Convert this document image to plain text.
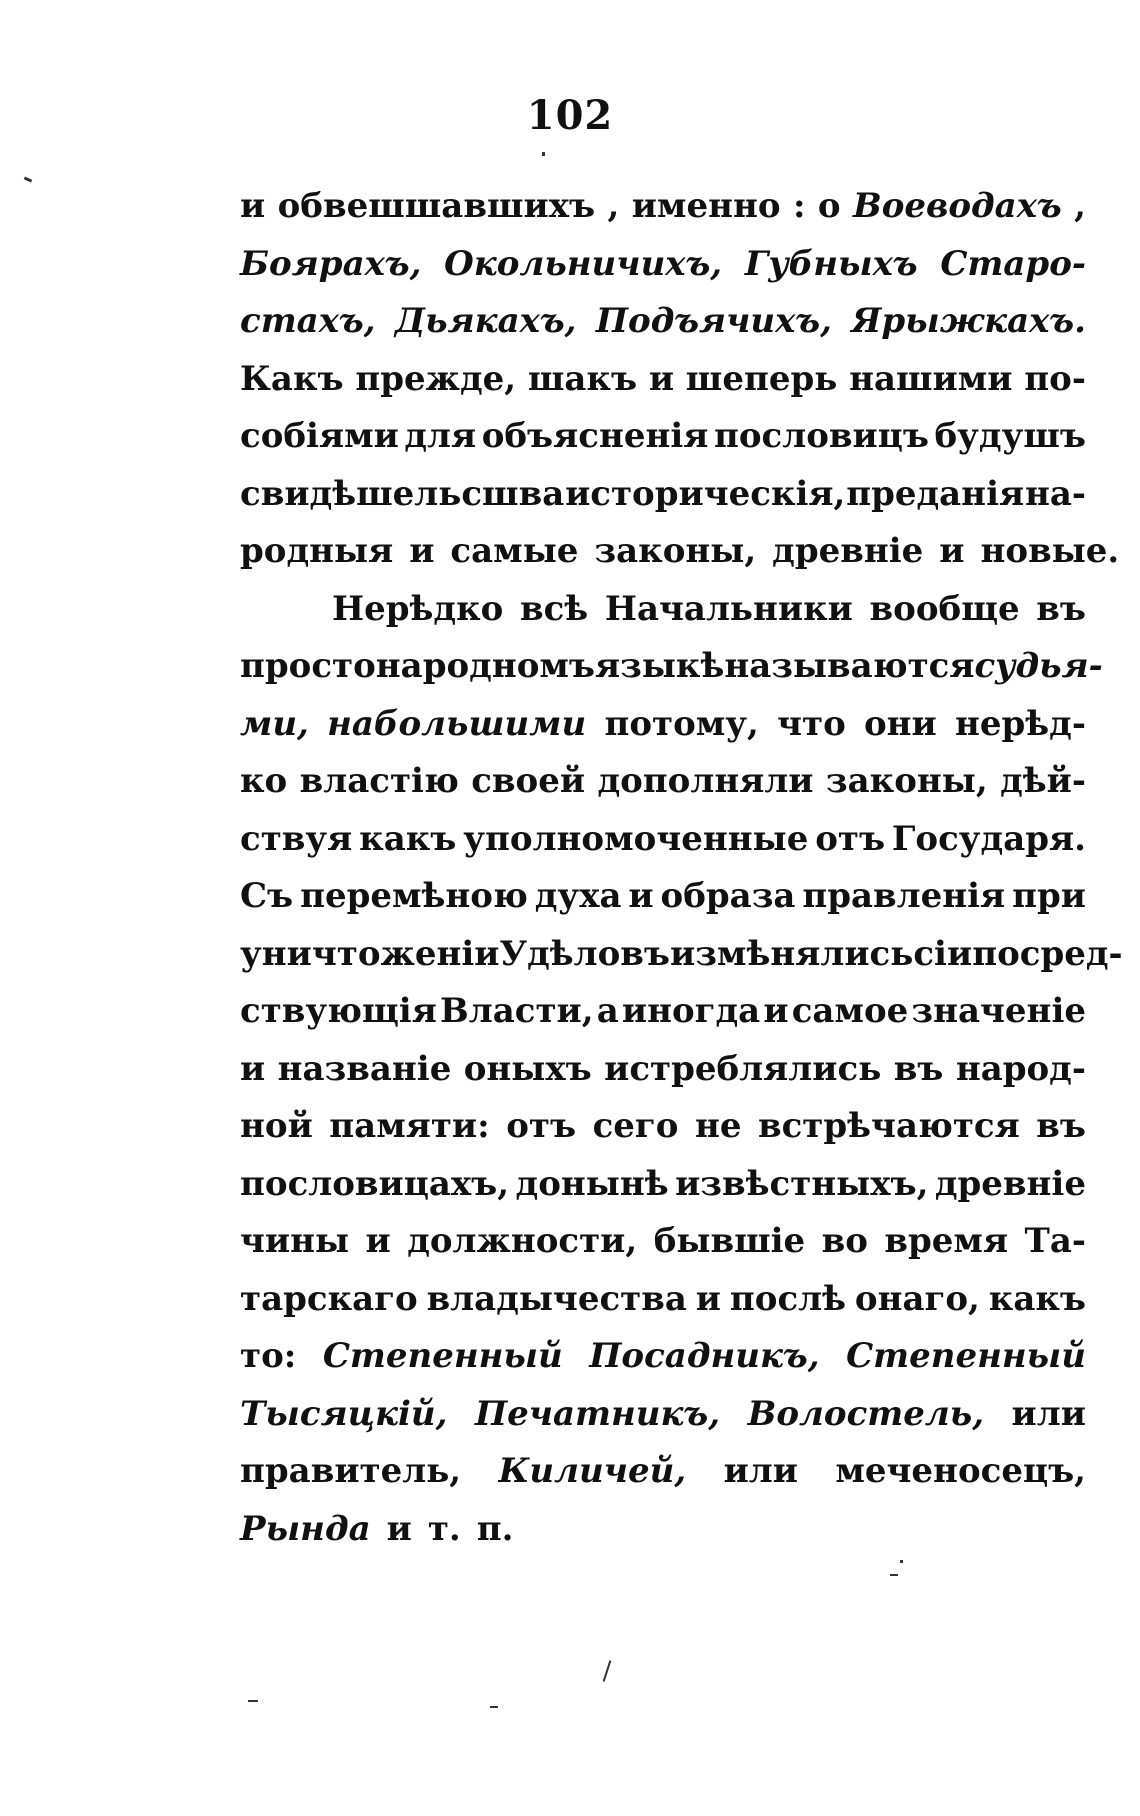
102
и обвешшавшихъ , именно : о Воеводахъ ,
Боярахъ, Окольничихъ, Губныхъ Старо-
стахъ, Дьякахъ, Подъячихъ, Ярыжкахъ.
Какъ прежде, шакъ и шеперь нашими по-
собіями для объясненія пословицъ будушъ
свидѣшельсшва историческія, преданія на-
родныя и самые законы, древніе и новые.
Нерѣдко всѣ Начальники вообще въ
простонародномъ языкѣ называются судья-
ми, набольшими потому, что они нерѣд-
ко властію своей дополняли законы, дѣй-
ствуя какъ уполномоченные отъ Государя.
Съ перемѣною духа и образа правленія при
уничтоженіи Удѣловъ измѣнялись сіи посред-
ствующія Власти, а иногда и самое значеніе
и названіе оныхъ истреблялись въ народ-
ной памяти: отъ сего не встрѣчаются въ
пословицахъ, донынѣ извѣстныхъ, древніе
чины и должности, бывшіе во время Та-
тарскаго владычества и послѣ онаго, какъ
то: Степенный Посадникъ, Степенный
Тысяцкій, Печатникъ, Волостель, или
правитель, Киличей, или меченосецъ,
Рында и т. п.
